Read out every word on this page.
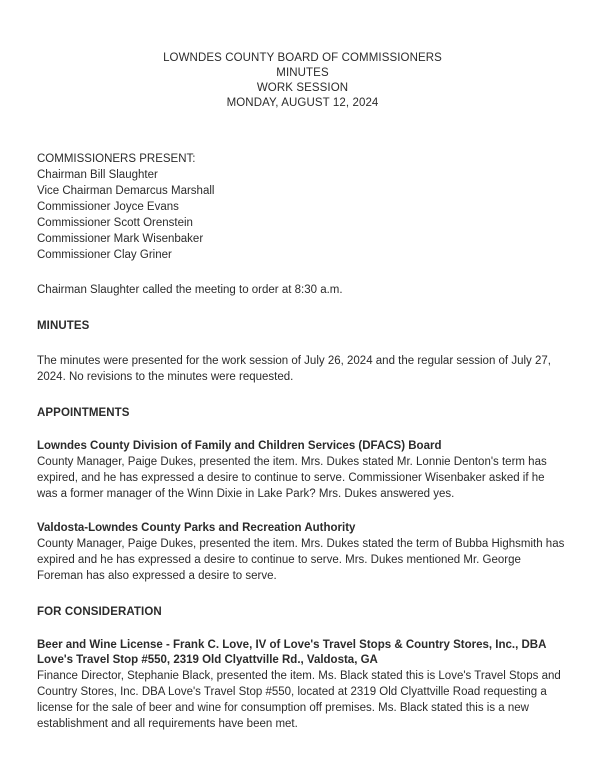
LOWNDES COUNTY BOARD OF COMMISSIONERS
MINUTES
WORK SESSION
MONDAY, AUGUST 12, 2024
COMMISSIONERS PRESENT:
Chairman Bill Slaughter
Vice Chairman Demarcus Marshall
Commissioner Joyce Evans
Commissioner Scott Orenstein
Commissioner Mark Wisenbaker
Commissioner Clay Griner
Chairman Slaughter called the meeting to order at 8:30 a.m.
MINUTES
The minutes were presented for the work session of July 26, 2024 and the regular session of July 27, 2024. No revisions to the minutes were requested.
APPOINTMENTS
Lowndes County Division of Family and Children Services (DFACS) Board
County Manager, Paige Dukes, presented the item. Mrs. Dukes stated Mr. Lonnie Denton's term has expired, and he has expressed a desire to continue to serve. Commissioner Wisenbaker asked if he was a former manager of the Winn Dixie in Lake Park? Mrs. Dukes answered yes.
Valdosta-Lowndes County Parks and Recreation Authority
County Manager, Paige Dukes, presented the item. Mrs. Dukes stated the term of Bubba Highsmith has expired and he has expressed a desire to continue to serve. Mrs. Dukes mentioned Mr. George Foreman has also expressed a desire to serve.
FOR CONSIDERATION
Beer and Wine License - Frank C. Love, IV of Love's Travel Stops & Country Stores, Inc., DBA Love's Travel Stop #550, 2319 Old Clyattville Rd., Valdosta, GA
Finance Director, Stephanie Black, presented the item. Ms. Black stated this is Love's Travel Stops and Country Stores, Inc. DBA Love's Travel Stop #550, located at 2319 Old Clyattville Road requesting a license for the sale of beer and wine for consumption off premises. Ms. Black stated this is a new establishment and all requirements have been met.
